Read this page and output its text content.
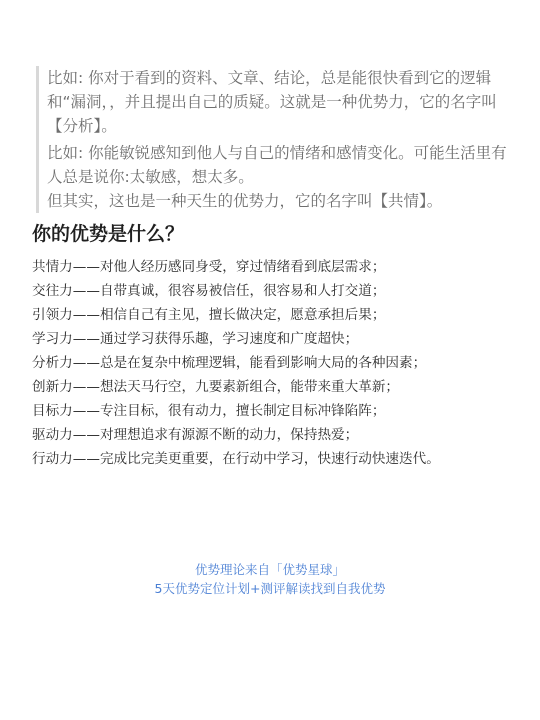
比如: 你对于看到的资料、文章、结论，总是能很快看到它的逻辑和“漏洞，，并且提出自己的质疑。这就是一种优势力，它的名字叫【分析】。

比如: 你能敏锐感知到他人与自己的情绪和感情变化。可能生活里有人总是说你:太敏感，想太多。

但其实，这也是一种天生的优势力，它的名字叫【共情】。

你的优势是什么？
共情力——对他人经历感同身受，穿过情绪看到底层需求；
交往力——自带真诚，很容易被信任，很容易和人打交道；
引领力——相信自己有主见，擅长做决定，愿意承担后果；
学习力——通过学习获得乐趣，学习速度和广度超快；
分析力——总是在复杂中梳理逻辑，能看到影响大局的各种因素；
创新力——想法天马行空，九要素新组合，能带来重大革新；
目标力——专注目标，很有动力，擅长制定目标冲锋陷阵；
驱动力——对理想追求有源源不断的动力，保持热爱；
行动力——完成比完美更重要，在行动中学习，快速行动快速迭代。
优势理论来自「优势星球」
5天优势定位计划+测评解读找到自我优势
